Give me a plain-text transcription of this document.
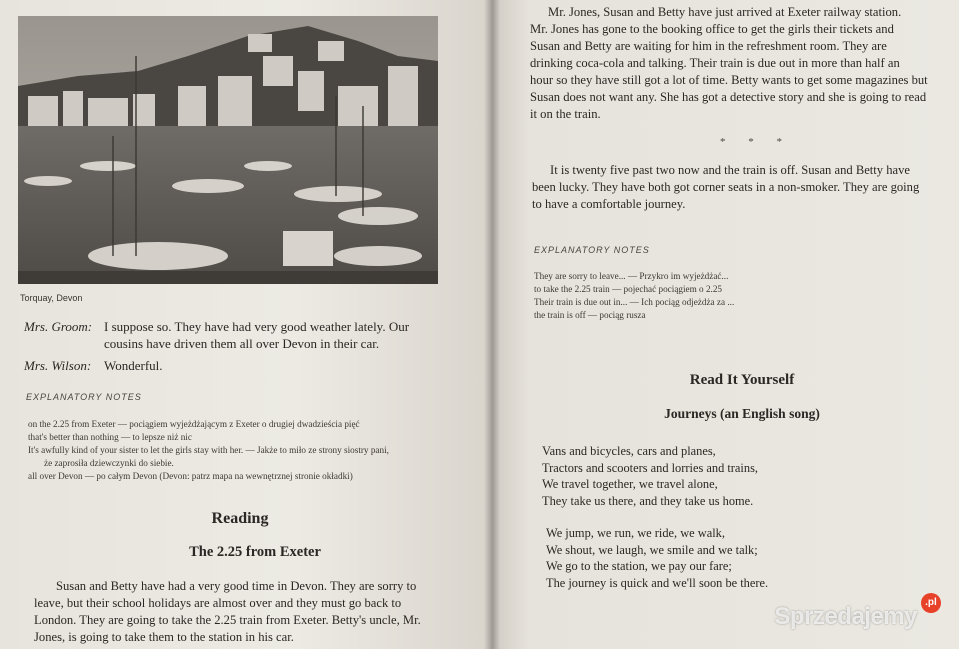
Torquay, Devon
Mrs. Groom: I suppose so. They have had very good weather lately. Our
cousins have driven them all over Devon in their car.
Mrs. Wilson: Wonderful.
EXPLANATORY NOTES
on the 2.25 from Exeter — pociągiem wyjeżdżającym z Exeter o drugiej dwadzieścia pięć
that's better than nothing — to lepsze niż nic
It's awfully kind of your sister to let the girls stay with her. — Jakże to miło ze strony siostry pani,
że zaprosiła dziewczynki do siebie.
all over Devon — po całym Devon (Devon: patrz mapa na wewnętrznej stronie okładki)
Reading
The 2.25 from Exeter
Susan and Betty have had a very good time in Devon. They are sorry to
leave, but their school holidays are almost over and they must go back to
London. They are going to take the 2.25 train from Exeter. Betty's uncle, Mr.
Jones, is going to take them to the station in his car.
Mr. Jones, Susan and Betty have just arrived at Exeter railway station.
Mr. Jones has gone to the booking office to get the girls their tickets and
Susan and Betty are waiting for him in the refreshment room. They are
drinking coca-cola and talking. Their train is due out in more than half an
hour so they have still got a lot of time. Betty wants to get some magazines but
Susan does not want any. She has got a detective story and she is going to read
it on the train.
* * *
It is twenty five past two now and the train is off. Susan and Betty have
been lucky. They have both got corner seats in a non-smoker. They are going
to have a comfortable journey.
EXPLANATORY NOTES
They are sorry to leave... — Przykro im wyjeżdżać...
to take the 2.25 train — pojechać pociągiem o 2.25
Their train is due out in... — Ich pociąg odjeżdża za ...
the train is off — pociąg rusza
Read It Yourself
Journeys (an English song)
Vans and bicycles, cars and planes,
Tractors and scooters and lorries and trains,
We travel together, we travel alone,
They take us there, and they take us home.
We jump, we run, we ride, we walk,
We shout, we laugh, we smile and we talk;
We go to the station, we pay our fare;
The journey is quick and we'll soon be there.
Sprzedajemy
.pl
